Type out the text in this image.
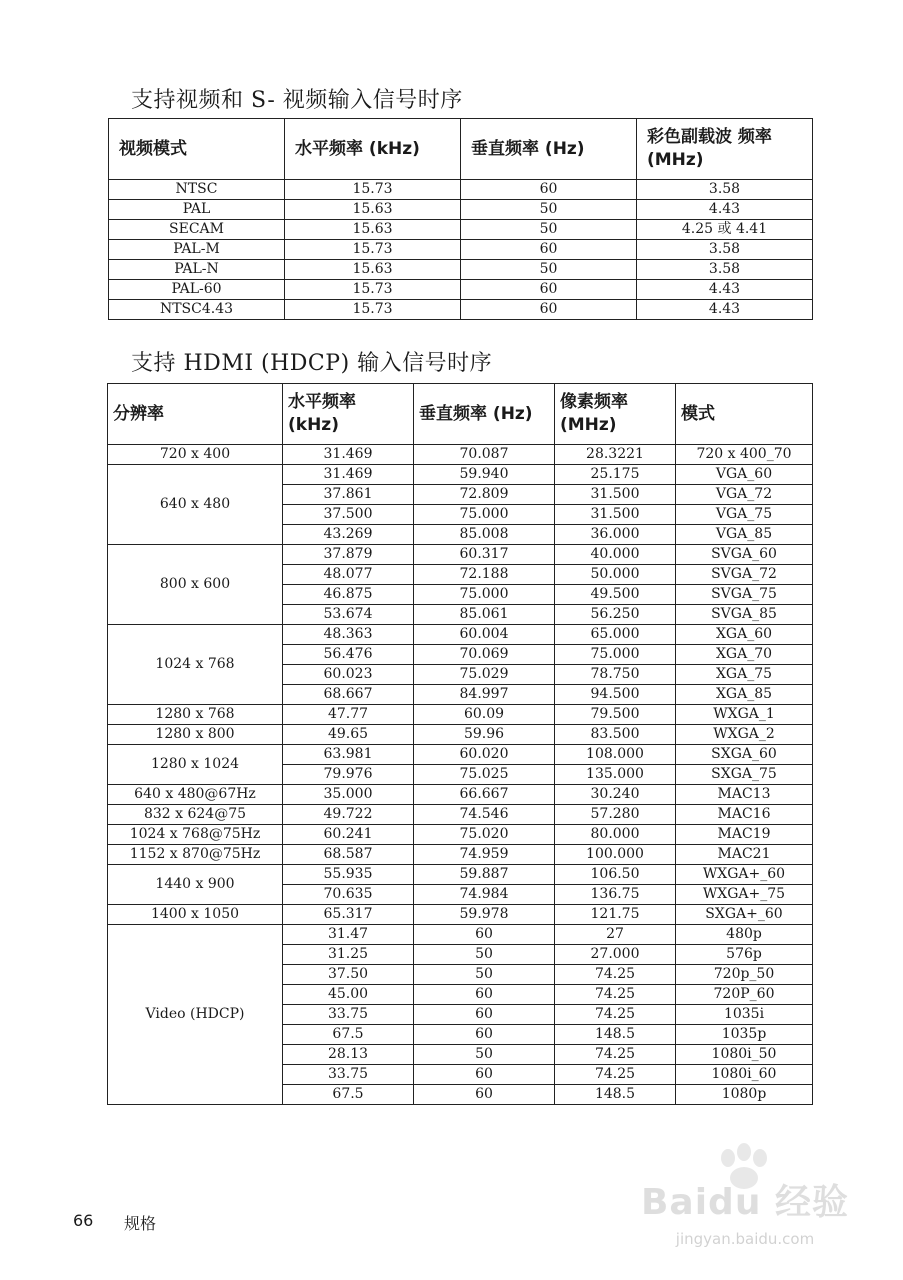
支持视频和 S- 视频输入信号时序
视频模式	水平频率 (kHz)	垂直频率 (Hz)	彩色副载波 频率 (MHz)
NTSC	15.73	60	3.58
PAL	15.63	50	4.43
SECAM	15.63	50	4.25 或 4.41
PAL-M	15.73	60	3.58
PAL-N	15.63	50	3.58
PAL-60	15.73	60	4.43
NTSC4.43	15.73	60	4.43
支持 HDMI (HDCP) 输入信号时序
分辨率	水平频率 (kHz)	垂直频率 (Hz)	像素频率 (MHz)	模式
720 x 400	31.469	70.087	28.3221	720 x 400_70
640 x 480	31.469	59.940	25.175	VGA_60
	37.861	72.809	31.500	VGA_72
	37.500	75.000	31.500	VGA_75
	43.269	85.008	36.000	VGA_85
800 x 600	37.879	60.317	40.000	SVGA_60
	48.077	72.188	50.000	SVGA_72
	46.875	75.000	49.500	SVGA_75
	53.674	85.061	56.250	SVGA_85
1024 x 768	48.363	60.004	65.000	XGA_60
	56.476	70.069	75.000	XGA_70
	60.023	75.029	78.750	XGA_75
	68.667	84.997	94.500	XGA_85
1280 x 768	47.77	60.09	79.500	WXGA_1
1280 x 800	49.65	59.96	83.500	WXGA_2
1280 x 1024	63.981	60.020	108.000	SXGA_60
	79.976	75.025	135.000	SXGA_75
640 x 480@67Hz	35.000	66.667	30.240	MAC13
832 x 624@75	49.722	74.546	57.280	MAC16
1024 x 768@75Hz	60.241	75.020	80.000	MAC19
1152 x 870@75Hz	68.587	74.959	100.000	MAC21
1440 x 900	55.935	59.887	106.50	WXGA+_60
	70.635	74.984	136.75	WXGA+_75
1400 x 1050	65.317	59.978	121.75	SXGA+_60
Video (HDCP)	31.47	60	27	480p
	31.25	50	27.000	576p
	37.50	50	74.25	720p_50
	45.00	60	74.25	720P_60
	33.75	60	74.25	1035i
	67.5	60	148.5	1035p
	28.13	50	74.25	1080i_50
	33.75	60	74.25	1080i_60
	67.5	60	148.5	1080p
66 规格
Baidu 经验
jingyan.baidu.com
